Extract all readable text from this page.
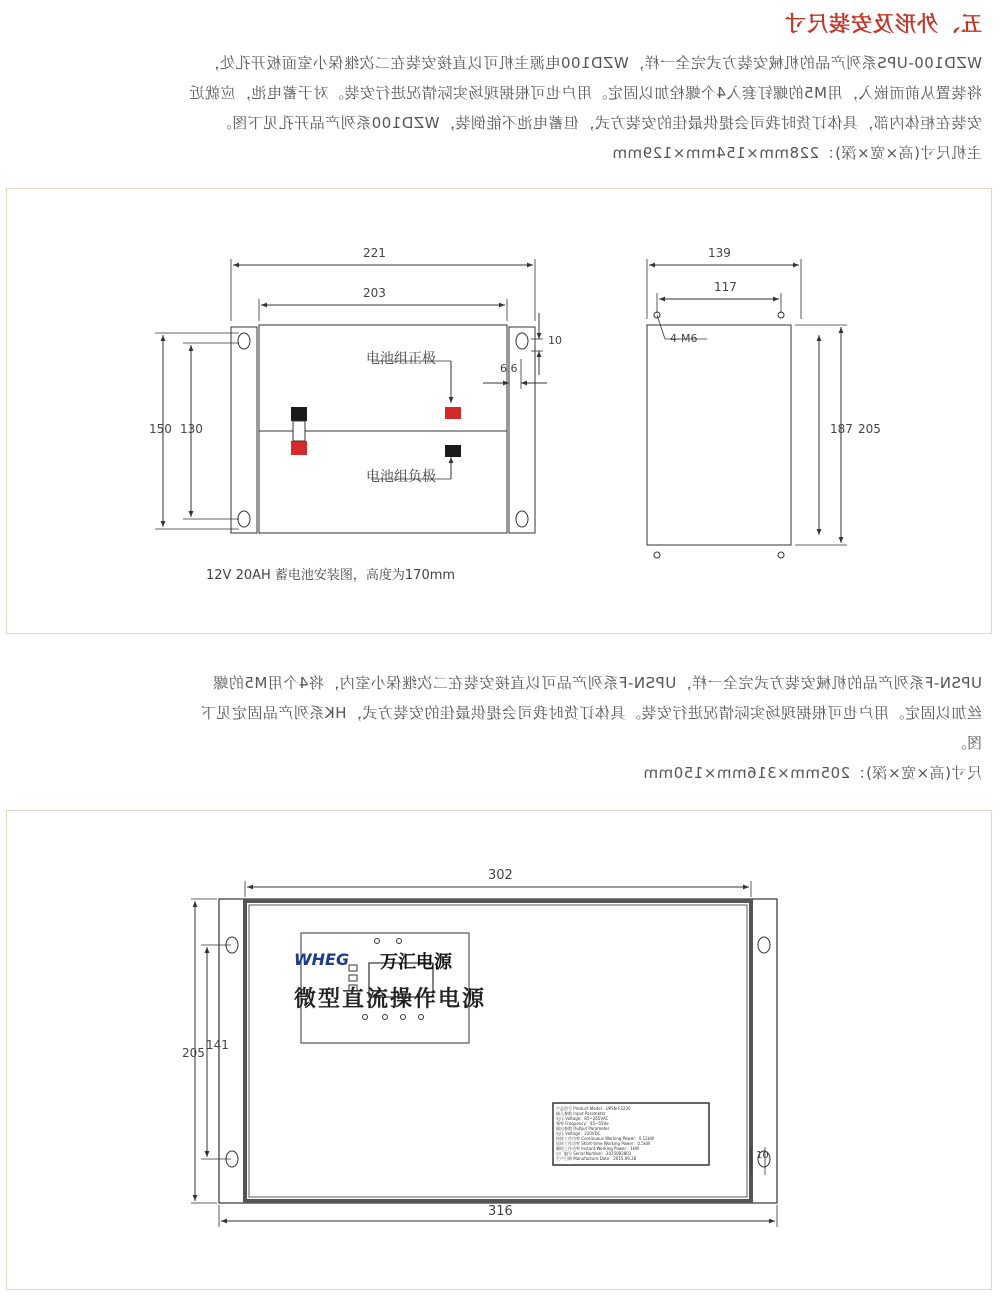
五、外形及安装尺寸
WZD100-UPS系列产品的机械安装方式完全一样，WZD100电源主机可以直接安装在二次继保小室面板开孔处，
将装置从前而嵌入，用M5的螺钉套入4个螺栓加以固定。用户也可根据现场实际情况进行安装。对于蓄电池，应就近
安装在柜体内部，具体订货时我司会提供最佳的安装方式，但蓄电池不能倒装，WZD100系列产品开孔见下图。
主机尺寸(高×宽×深)：228mm×154mm×129mm
221
203
150 130
10
6.6
电池组正极
电池组负极
12V 20AH 蓄电池安装图，高度为170mm
139
117
4-M6
187 205
UPSN-F系列产品的机械安装方式完全一样，UPSN-F系列产品可以直接安装在二次继保小室内，将4个用M5的螺
丝加以固定。用户也可根据现场实际情况进行安装。具体订货时我司会提供最佳的安装方式，HK系列产品固定见下
图。
尺寸(高×宽×深)：205mm×316mm×150mm
302
316
205
141
10
WHEG 万汇电源
微型直流操作电源
产品型号 Product Model：UPSN-F2220
输入参数 Input Parameter
电压 Voltage：85~265VAC
频率 Frequency：45~55Hz
输出参数 Output Parameter
电压 Voltage：220VDC
持续工作功率 Continuous Working Power：0.12kW
短时工作功率 Short-time Working Power：0.5kW
瞬时工作功率 Instant Working Power：1kW
出厂编号 Serial Number：2015092801
生产日期 Manufacture Date：2015.09.28
